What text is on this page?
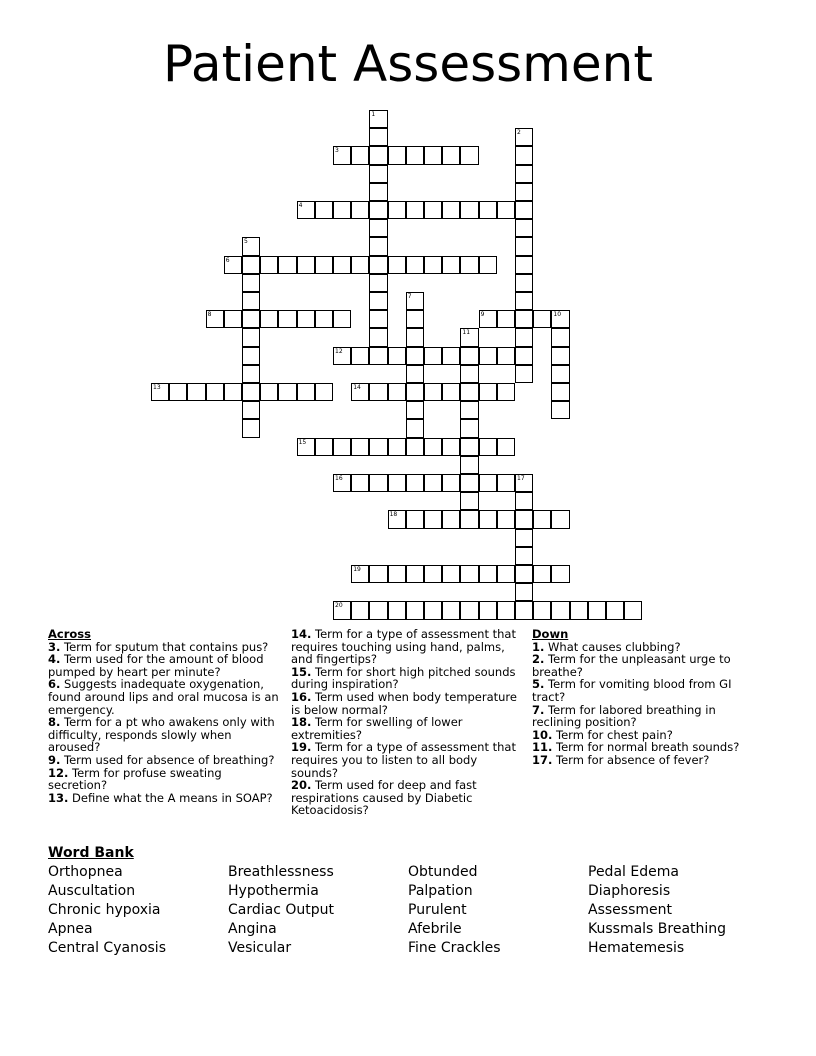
Patient Assessment
1
2
3
4
5
6
7
8	9	10
11
12
13	14
15
16	17
18
19
20
Across
3. Term for sputum that contains pus?
4. Term used for the amount of blood pumped by heart per minute?
6. Suggests inadequate oxygenation, found around lips and oral mucosa is an emergency.
8. Term for a pt who awakens only with difficulty, responds slowly when aroused?
9. Term used for absence of breathing?
12. Term for profuse sweating secretion?
13. Define what the A means in SOAP?
14. Term for a type of assessment that requires touching using hand, palms, and fingertips?
15. Term for short high pitched sounds during inspiration?
16. Term used when body temperature is below normal?
18. Term for swelling of lower extremities?
19. Term for a type of assessment that requires you to listen to all body sounds?
20. Term used for deep and fast respirations caused by Diabetic Ketoacidosis?
Down
1. What causes clubbing?
2. Term for the unpleasant urge to breathe?
5. Term for vomiting blood from GI tract?
7. Term for labored breathing in reclining position?
10. Term for chest pain?
11. Term for normal breath sounds?
17. Term for absence of fever?
Word Bank
Orthopnea
Auscultation
Chronic hypoxia
Apnea
Central Cyanosis
Breathlessness
Hypothermia
Cardiac Output
Angina
Vesicular
Obtunded
Palpation
Purulent
Afebrile
Fine Crackles
Pedal Edema
Diaphoresis
Assessment
Kussmals Breathing
Hematemesis
